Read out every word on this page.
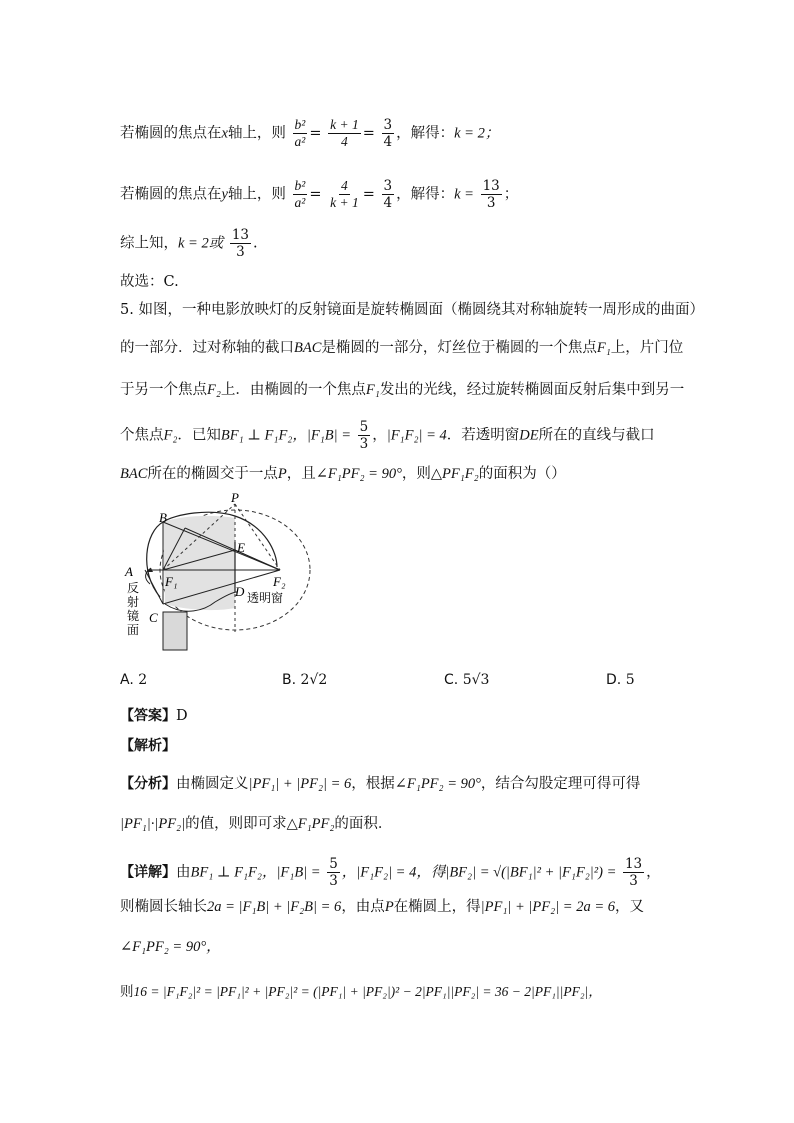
若椭圆的焦点在x轴上，则 $\frac{\text{b²}}{\text{a²}} = \frac{k + 1}{4} = \frac{3}{4}$ ，解得：k = 2；
若椭圆的焦点在y轴上，则 $\frac{\text{b²}}{\text{a²}} = \frac{4}{k + 1} = \frac{3}{4}$ ，解得：$k = \frac{13}{3}$ ；
综上知，k = 2或 $\frac{13}{3}$ .
故选：C.
5. 如图，一种电影放映灯的反射镜面是旋转椭圆面（椭圆绕其对称轴旋转一周形成的曲面）
的一部分．过对称轴的截口BAC是椭圆的一部分，灯丝位于椭圆的一个焦点F₁上，片门位
于另一个焦点F₂上．由椭圆的一个焦点F₁发出的光线，经过旋转椭圆面反射后集中到另一
个焦点F₂．已知BF₁ ⊥ F₁F₂，$|F_1B| = \frac{5}{3}$ ，|F₁F₂| = 4．若透明窗DE所在的直线与截口
BAC所在的椭圆交于一点P，且∠F₁PF₂ = 90°，则△PF₁F₂的面积为（）
P
B
E
A
F₁	F₂
D
C
反
射
镜
面
透明窗
A. 2	B. 2√2	C. 5√3	D. 5
【答案】D
【解析】
【分析】由椭圆定义|PF₁| + |PF₂| = 6，根据∠F₁PF₂ = 90°，结合勾股定理可得可得
|PF₁|·|PF₂|的值，则即可求△F₁PF₂的面积．
【详解】由BF₁ ⊥ F₁F₂，$|F_1B| = \frac{5}{3}$ ，|F₁F₂| = 4，得$|BF_2| = √(|BF_1|^2 + |F_1F_2|^2) = \frac{13}{3}$ ，
则椭圆长轴长2a = |F₁B| + |F₂B| = 6，由点P在椭圆上，得|PF₁| + |PF₂| = 2a = 6，又
∠F₁PF₂ = 90°，
则16 = |F₁F₂|² = |PF₁|² + |PF₂|² = (|PF₁| + |PF₂|)² − 2|PF₁||PF₂| = 36 − 2|PF₁||PF₂|，
